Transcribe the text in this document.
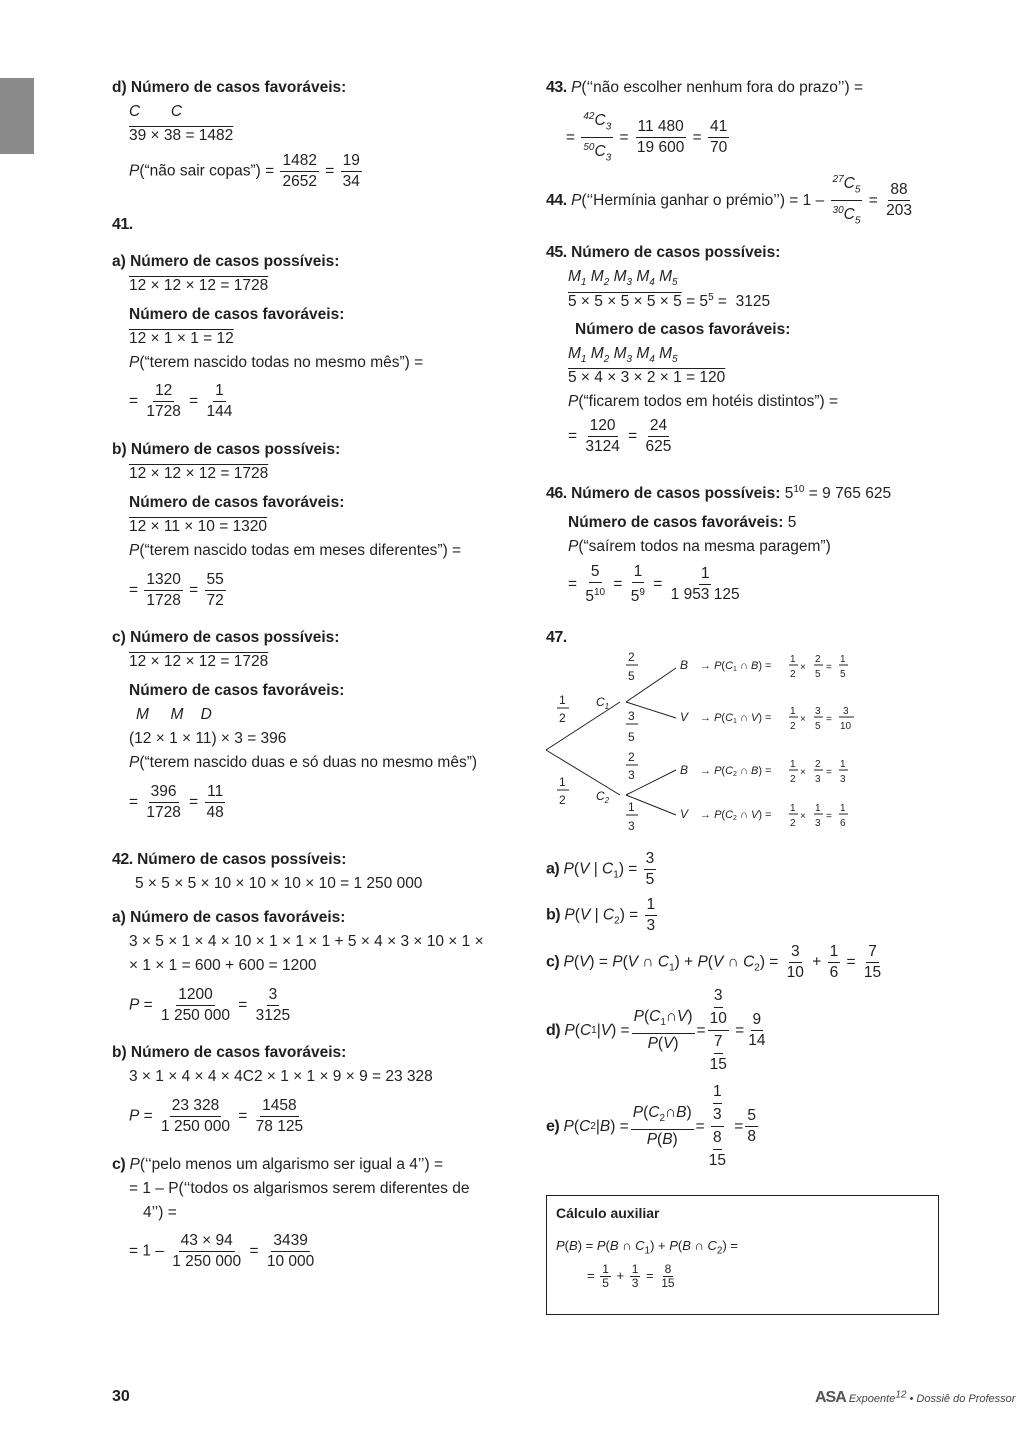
d) Número de casos favoráveis:
C C
39 × 38 = 1482
P(“não sair copas”) = $\frac{1482}{2652} = \frac{19}{34}$
41.
a) Número de casos possíveis:
12 × 12 × 12 = 1728
Número de casos favoráveis:
12 × 1 × 1 = 12
P(“terem nascido todas no mesmo mês”) =
= $\frac{12}{1728} = \frac{1}{144}$
b) Número de casos possíveis:
12 × 12 × 12 = 1728
Número de casos favoráveis:
12 × 11 × 10 = 1320
P(“terem nascido todas em meses diferentes”) =
= $\frac{1320}{1728} = \frac{55}{72}$
c) Número de casos possíveis:
12 × 12 × 12 = 1728
Número de casos favoráveis:
M     M    D
(12 × 1 × 11) × 3 = 396
P(“terem nascido duas e só duas no mesmo mês”)
= $\frac{396}{1728} = \frac{11}{48}$
42. Número de casos possíveis:
5 × 5 × 5 × 10 × 10 × 10 × 10 = 1 250 000
a) Número de casos favoráveis:
3 × 5 × 1 × 4 × 10 × 1 × 1 × 1 + 5 × 4 × 3 × 10 × 1 ×
× 1 × 1 = 600 + 600 = 1200
$P = \frac{1200}{1 250 000} = \frac{3}{3125}$
b) Número de casos favoráveis:
3 × 1 × 4 × 4 × 4C2 × 1 × 1 × 9 × 9 = 23 328
$P = \frac{23 328}{1 250 000} = \frac{1458}{78 125}$
c) P(‘‘pelo menos um algarismo ser igual a 4’’) =
= 1 – P(‘‘todos os algarismos serem diferentes de
4’’) =
= $1 - \frac{43 \times 94}{1 250 000} = \frac{3439}{10 000}$
43. P(‘‘não escolher nenhum fora do prazo’’) =
= $\frac{^{42}C_3}{^{50}C_3} = \frac{11 480}{19 600} = \frac{41}{70}$
44. P(‘‘Hermínia ganhar o prémio’’) = $1 - \frac{^{27}C_5}{^{30}C_5} = \frac{88}{203}$
45. Número de casos possíveis:
$M_1$ $M_2$ $M_3$ $M_4$ $M_5$
$5 \times 5 \times 5 \times 5 \times 5 = 5^5 = 3125$
Número de casos favoráveis:
$M_1$ $M_2$ $M_3$ $M_4$ $M_5$
5 × 4 × 3 × 2 × 1 = 120
P(“ficarem todos em hotéis distintos”) =
= $\frac{120}{3124} = \frac{24}{625}$
46. Número de casos possíveis: $5^{10} = 9$ 765 625
Número de casos favoráveis: 5
P(“saírem todos na mesma paragem”)
= $\frac{5}{5^{10}} = \frac{1}{5^9} = \frac{1}{1 953 125}$
47.
1
2
1
2
$C_1$
$C_2$
2
5
3
5
2
3
1
3
B
V
B
V
→ P(C1 ∩ B) =
1
2
×
2
5
=
1
5
→ P(C1 ∩ V) =
1
2
×
3
5
=
3
10
→ P(C2 ∩ B) =
1
2
×
2
3
=
1
3
→ P(C2 ∩ V) =
1
2
×
1
3
=
1
6
a) P(V | $C_1) = \frac{3}{5}$
b) P(V | $C_2) = \frac{1}{3}$
c) P(V) = P(V ∩ $C_1) + P(V$ ∩ $C_2) = \frac{3}{10} + \frac{1}{6} = \frac{7}{15}$
d)
P ( C 1 | V ) = $\frac{P(C_1\cap V)}{P(V)} = 3$
10
7
$15 = \frac{9}{14}$
e)
P ( C 2 | B ) = $\frac{P(C_2\cap B)}{P(B)} = 1$
3
8
$15 = \frac{5}{8}$
Cálculo auxiliar
P(B) = P(B ∩ $C_1) + P(B$ ∩ $C_2$) =
= $\frac{1}{5} + \frac{1}{3} = \frac{8}{15}$
30	ASA Expoente$^{12}$ • Dossiê do Professor
